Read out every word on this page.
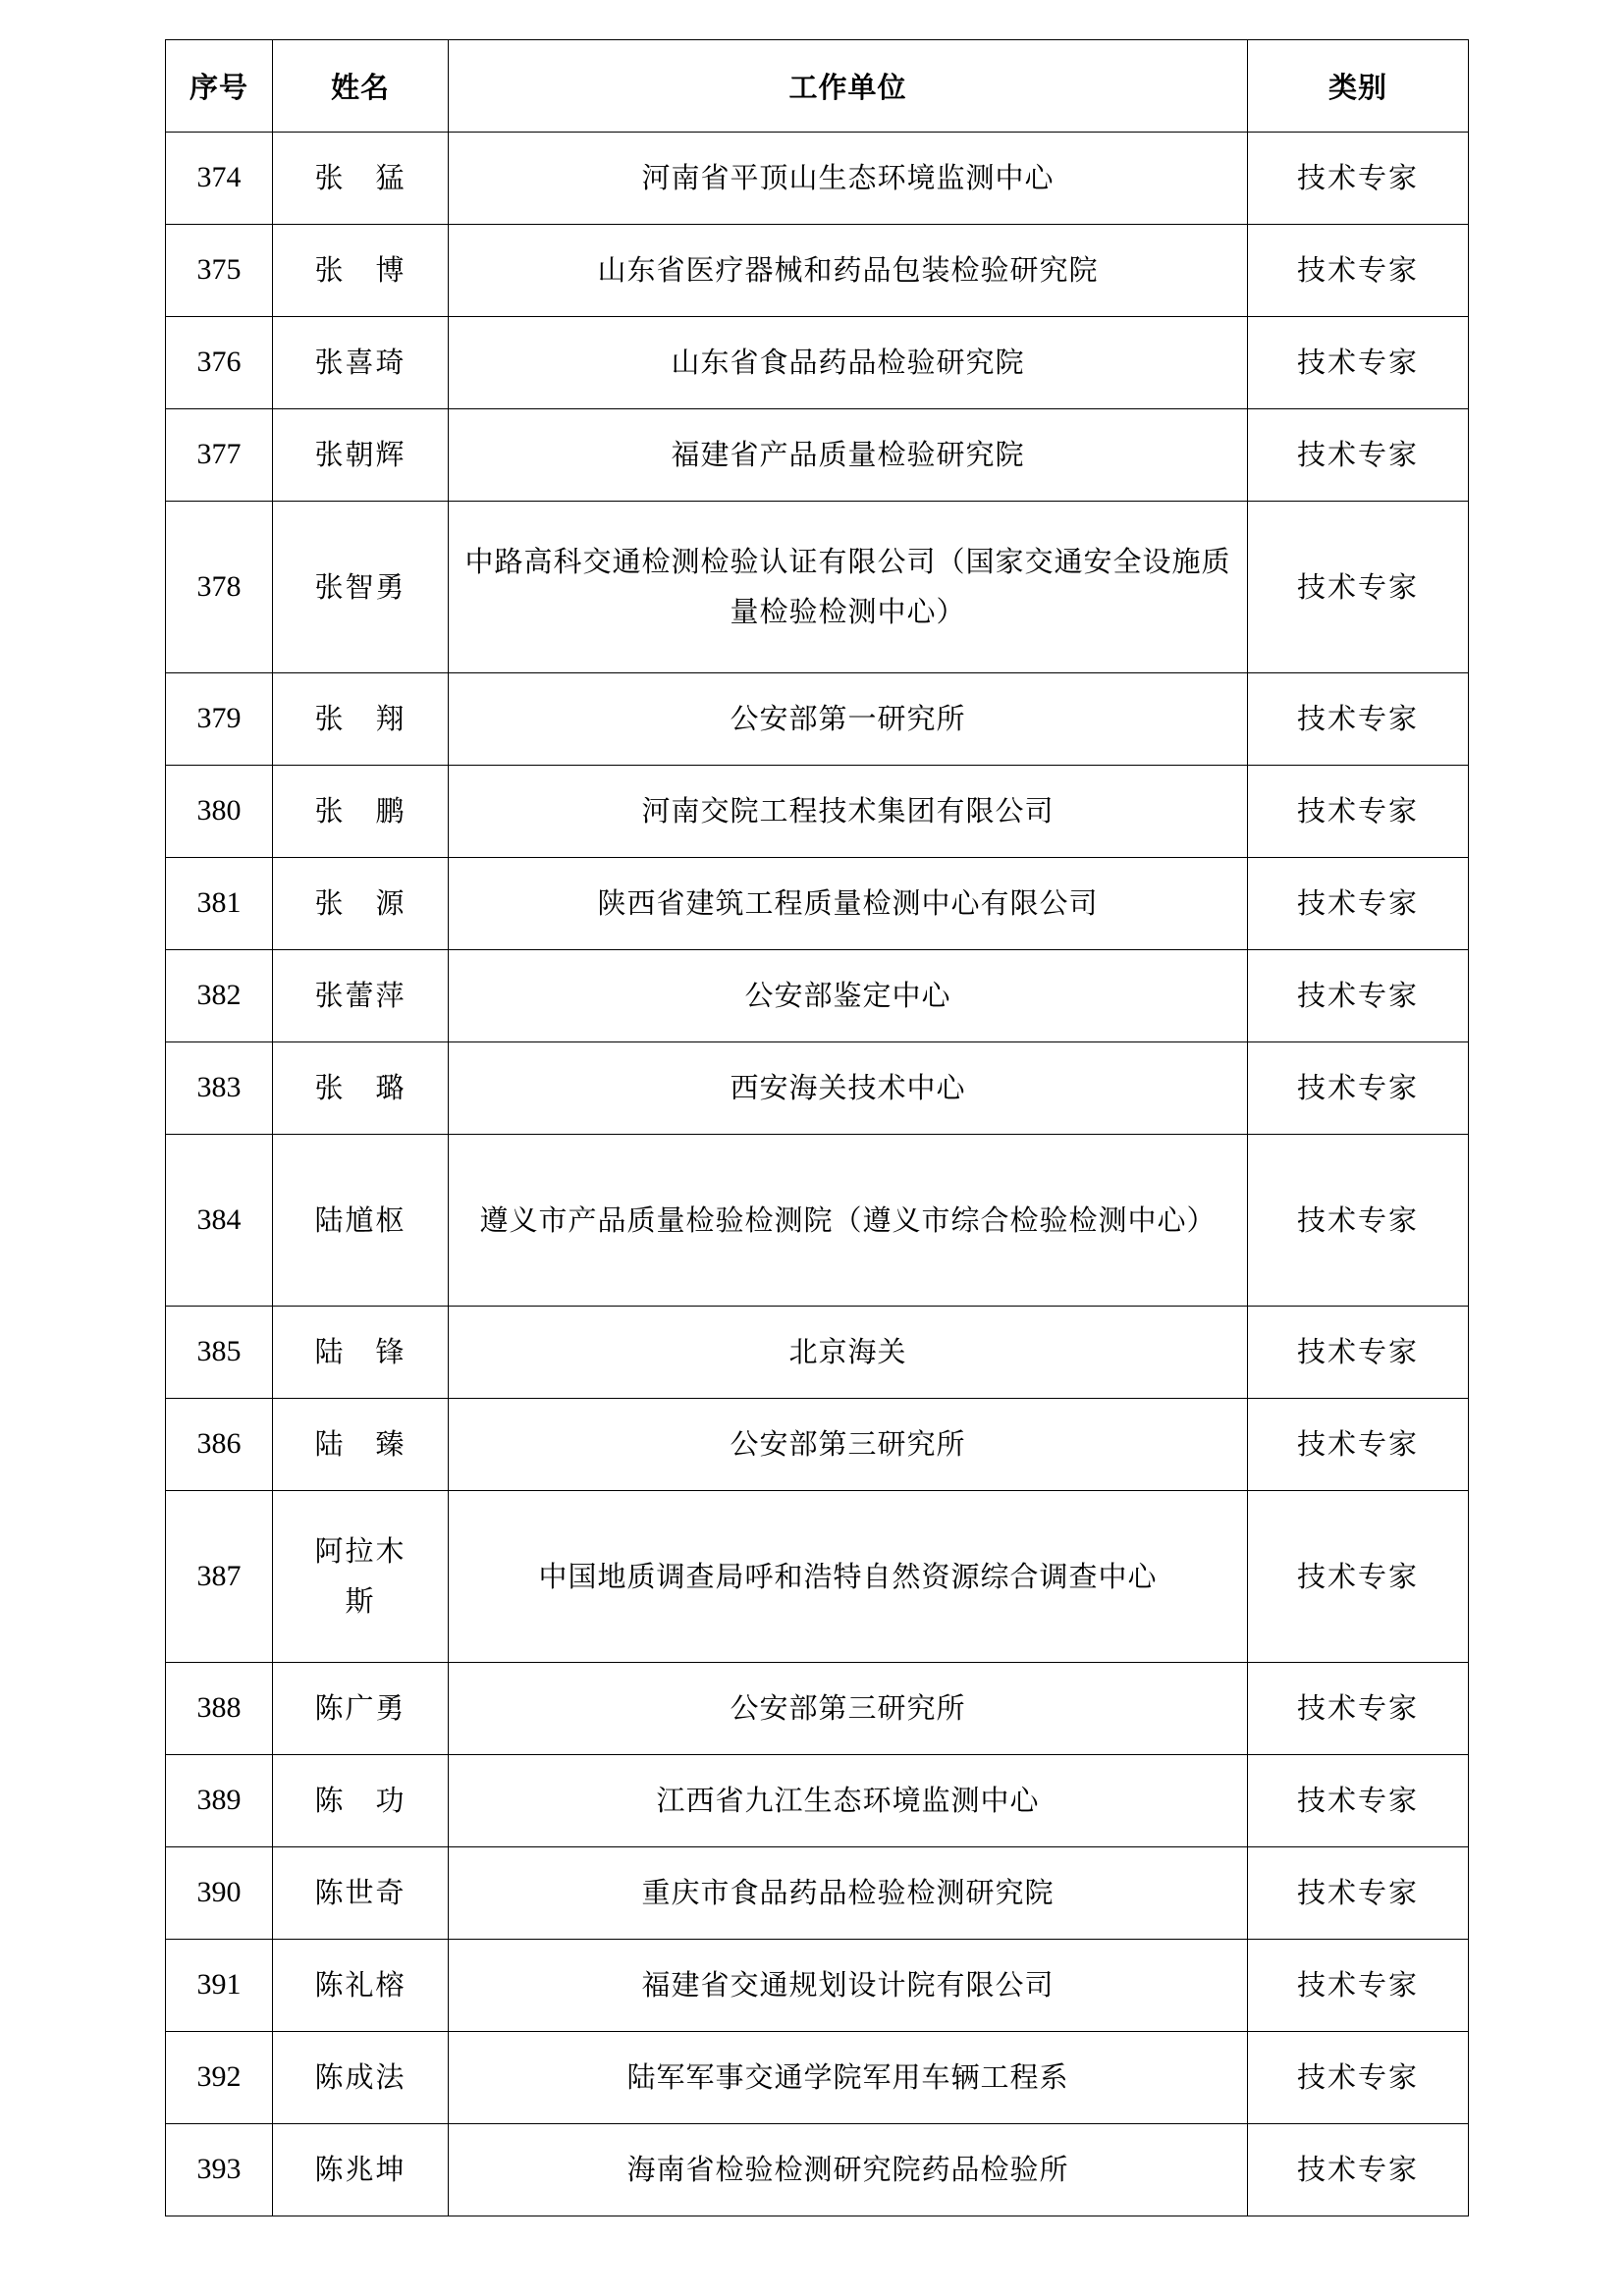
序号	姓名	工作单位	类别
374	张　猛	河南省平顶山生态环境监测中心	技术专家
375	张　博	山东省医疗器械和药品包装检验研究院	技术专家
376	张喜琦	山东省食品药品检验研究院	技术专家
377	张朝辉	福建省产品质量检验研究院	技术专家
378	张智勇	中路高科交通检测检验认证有限公司（国家交通安全设施质量检验检测中心）	技术专家
379	张　翔	公安部第一研究所	技术专家
380	张　鹏	河南交院工程技术集团有限公司	技术专家
381	张　源	陕西省建筑工程质量检测中心有限公司	技术专家
382	张蕾萍	公安部鉴定中心	技术专家
383	张　璐	西安海关技术中心	技术专家
384	陆馗枢	遵义市产品质量检验检测院（遵义市综合检验检测中心）	技术专家
385	陆　锋	北京海关	技术专家
386	陆　臻	公安部第三研究所	技术专家
387	阿拉木斯	中国地质调查局呼和浩特自然资源综合调查中心	技术专家
388	陈广勇	公安部第三研究所	技术专家
389	陈　功	江西省九江生态环境监测中心	技术专家
390	陈世奇	重庆市食品药品检验检测研究院	技术专家
391	陈礼榕	福建省交通规划设计院有限公司	技术专家
392	陈成法	陆军军事交通学院军用车辆工程系	技术专家
393	陈兆坤	海南省检验检测研究院药品检验所	技术专家
